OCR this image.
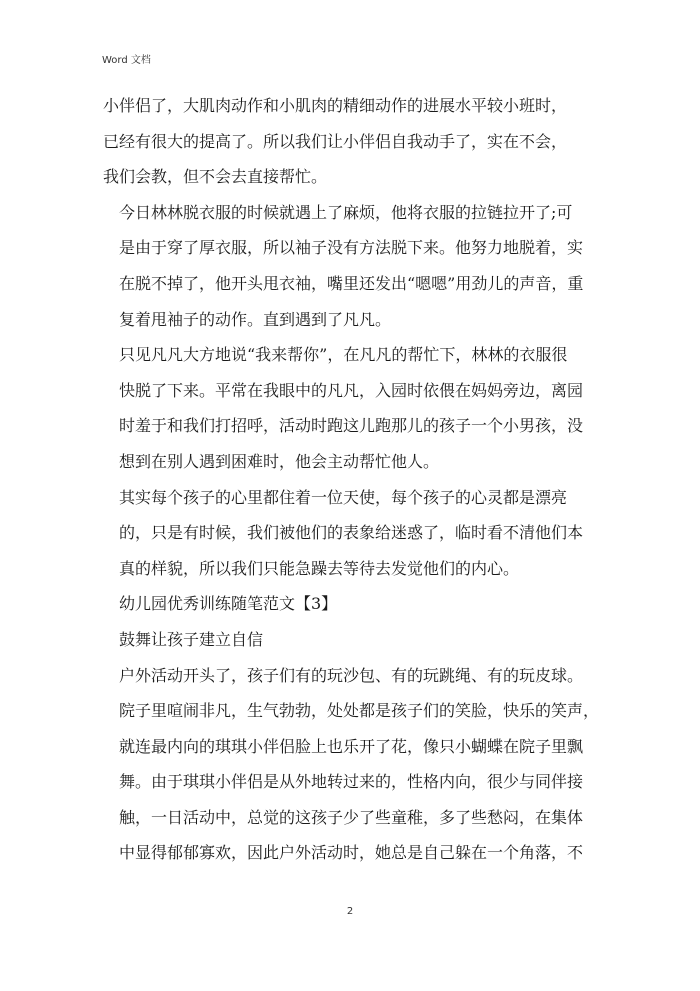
Word 文档

小伴侣了，大肌肉动作和小肌肉的精细动作的进展水平较小班时，
已经有很大的提高了。所以我们让小伴侣自我动手了，实在不会，
我们会教，但不会去直接帮忙。

今日林林脱衣服的时候就遇上了麻烦，他将衣服的拉链拉开了;可
是由于穿了厚衣服，所以袖子没有方法脱下来。他努力地脱着，实
在脱不掉了，他开头甩衣袖，嘴里还发出“嗯嗯”用劲儿的声音，重
复着甩袖子的动作。直到遇到了凡凡。

只见凡凡大方地说“我来帮你”，在凡凡的帮忙下，林林的衣服很
快脱了下来。平常在我眼中的凡凡，入园时依偎在妈妈旁边，离园
时羞于和我们打招呼，活动时跑这儿跑那儿的孩子一个小男孩，没
想到在别人遇到困难时，他会主动帮忙他人。

其实每个孩子的心里都住着一位天使，每个孩子的心灵都是漂亮
的，只是有时候，我们被他们的表象给迷惑了，临时看不清他们本
真的样貌，所以我们只能急躁去等待去发觉他们的内心。

幼儿园优秀训练随笔范文【3】

鼓舞让孩子建立自信

户外活动开头了，孩子们有的玩沙包、有的玩跳绳、有的玩皮球。
院子里喧闹非凡，生气勃勃，处处都是孩子们的笑脸，快乐的笑声，
就连最内向的琪琪小伴侣脸上也乐开了花，像只小蝴蝶在院子里飘
舞。由于琪琪小伴侣是从外地转过来的，性格内向，很少与同伴接
触，一日活动中，总觉的这孩子少了些童稚，多了些愁闷，在集体
中显得郁郁寡欢，因此户外活动时，她总是自己躲在一个角落，不

2
